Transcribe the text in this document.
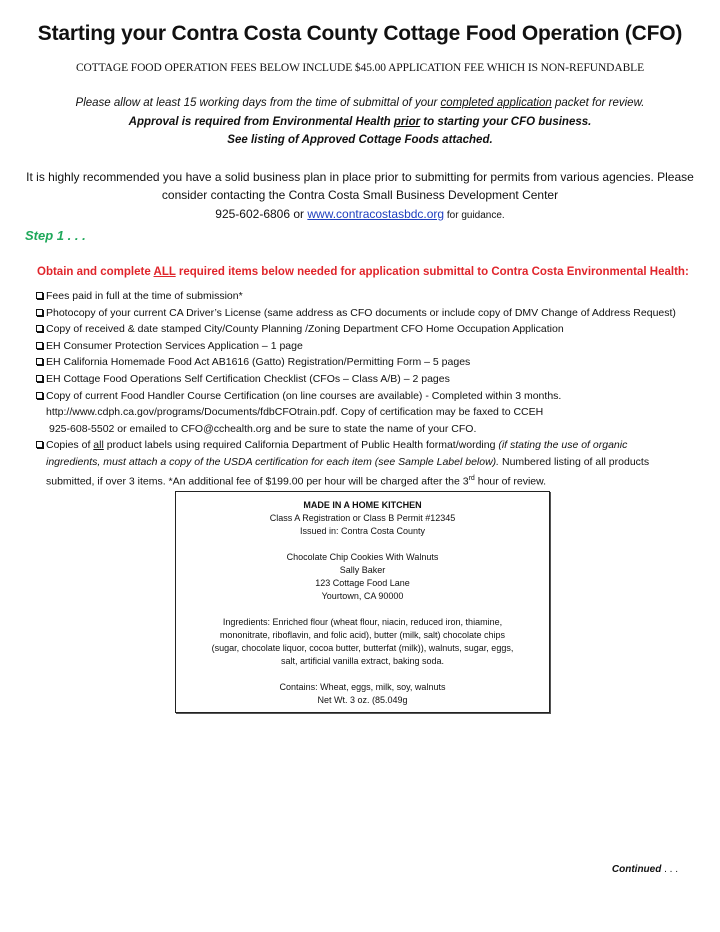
Starting your Contra Costa County Cottage Food Operation (CFO)
COTTAGE FOOD OPERATION FEES BELOW INCLUDE $45.00 APPLICATION FEE WHICH IS NON-REFUNDABLE
Please allow at least 15 working days from the time of submittal of your completed application packet for review.
Approval is required from Environmental Health prior to starting your CFO business.
See listing of Approved Cottage Foods attached.
It is highly recommended you have a solid business plan in place prior to submitting for permits from various agencies. Please
consider contacting the Contra Costa Small Business Development Center
925-602-6806 or www.contracostasbdc.org for guidance.
Step 1 . . .
Obtain and complete ALL required items below needed for application submittal to Contra Costa Environmental Health:
Fees paid in full at the time of submission*
Photocopy of your current CA Driver’s License (same address as CFO documents or include copy of DMV Change of Address Request)
Copy of received & date stamped City/County Planning /Zoning Department CFO Home Occupation Application
EH Consumer Protection Services Application – 1 page
EH California Homemade Food Act AB1616 (Gatto) Registration/Permitting Form – 5 pages
EH Cottage Food Operations Self Certification Checklist (CFOs – Class A/B) – 2 pages
Copy of current Food Handler Course Certification (on line courses are available) - Completed within 3 months.
http://www.cdph.ca.gov/programs/Documents/fdbCFOtrain.pdf. Copy of certification may be faxed to CCEH
925-608-5502 or emailed to CFO@cchealth.org and be sure to state the name of your CFO.
Copies of all product labels using required California Department of Public Health format/wording (if stating the use of organic
ingredients, must attach a copy of the USDA certification for each item (see Sample Label below). Numbered listing of all products
submitted, if over 3 items. *An additional fee of $199.00 per hour will be charged after the 3rd hour of review.
MADE IN A HOME KITCHEN
Class A Registration or Class B Permit #12345
Issued in: Contra Costa County
Chocolate Chip Cookies With Walnuts
Sally Baker
123 Cottage Food Lane
Yourtown, CA 90000
Ingredients: Enriched flour (wheat flour, niacin, reduced iron, thiamine,
mononitrate, riboflavin, and folic acid), butter (milk, salt) chocolate chips
(sugar, chocolate liquor, cocoa butter, butterfat (milk)), walnuts, sugar, eggs,
salt, artificial vanilla extract, baking soda.
Contains: Wheat, eggs, milk, soy, walnuts
Net Wt. 3 oz. (85.049g
Continued . . .
